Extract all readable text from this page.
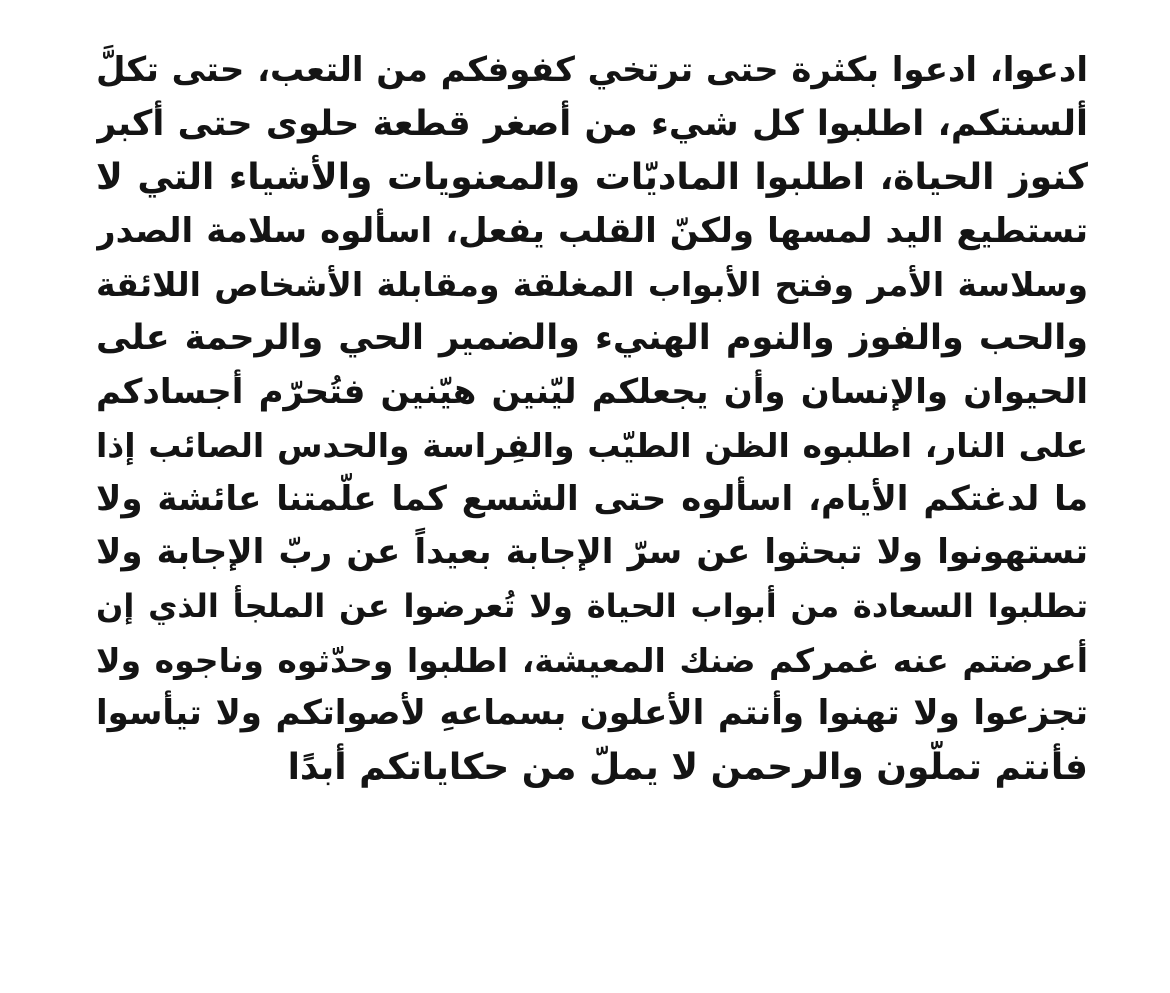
ادعوا، ادعوا بكثرة حتى ترتخي كفوفكم من التعب، حتى تكلَّ
ألسنتكم، اطلبوا كل شيء من أصغر قطعة حلوى حتى أكبر
كنوز الحياة، اطلبوا الماديّات والمعنويات والأشياء التي لا
تستطيع اليد لمسها ولكنّ القلب يفعل، اسألوه سلامة الصدر
وسلاسة الأمر وفتح الأبواب المغلقة ومقابلة الأشخاص اللائقة
والحب والفوز والنوم الهنيء والضمير الحي والرحمة على
الحيوان والإنسان وأن يجعلكم ليّنين هيّنين فتُحرّم أجسادكم
على النار، اطلبوه الظن الطيّب والفِراسة والحدس الصائب إذا
ما لدغتكم الأيام، اسألوه حتى الشسع كما علّمتنا عائشة ولا
تستهونوا ولا تبحثوا عن سرّ الإجابة بعيداً عن ربّ الإجابة ولا
تطلبوا السعادة من أبواب الحياة ولا تُعرضوا عن الملجأ الذي إن
أعرضتم عنه غمركم ضنك المعيشة، اطلبوا وحدّثوه وناجوه ولا
تجزعوا ولا تهنوا وأنتم الأعلون بسماعهِ لأصواتكم ولا تيأسوا
فأنتم تملّون والرحمن لا يملّ من حكاياتكم أبدًا
